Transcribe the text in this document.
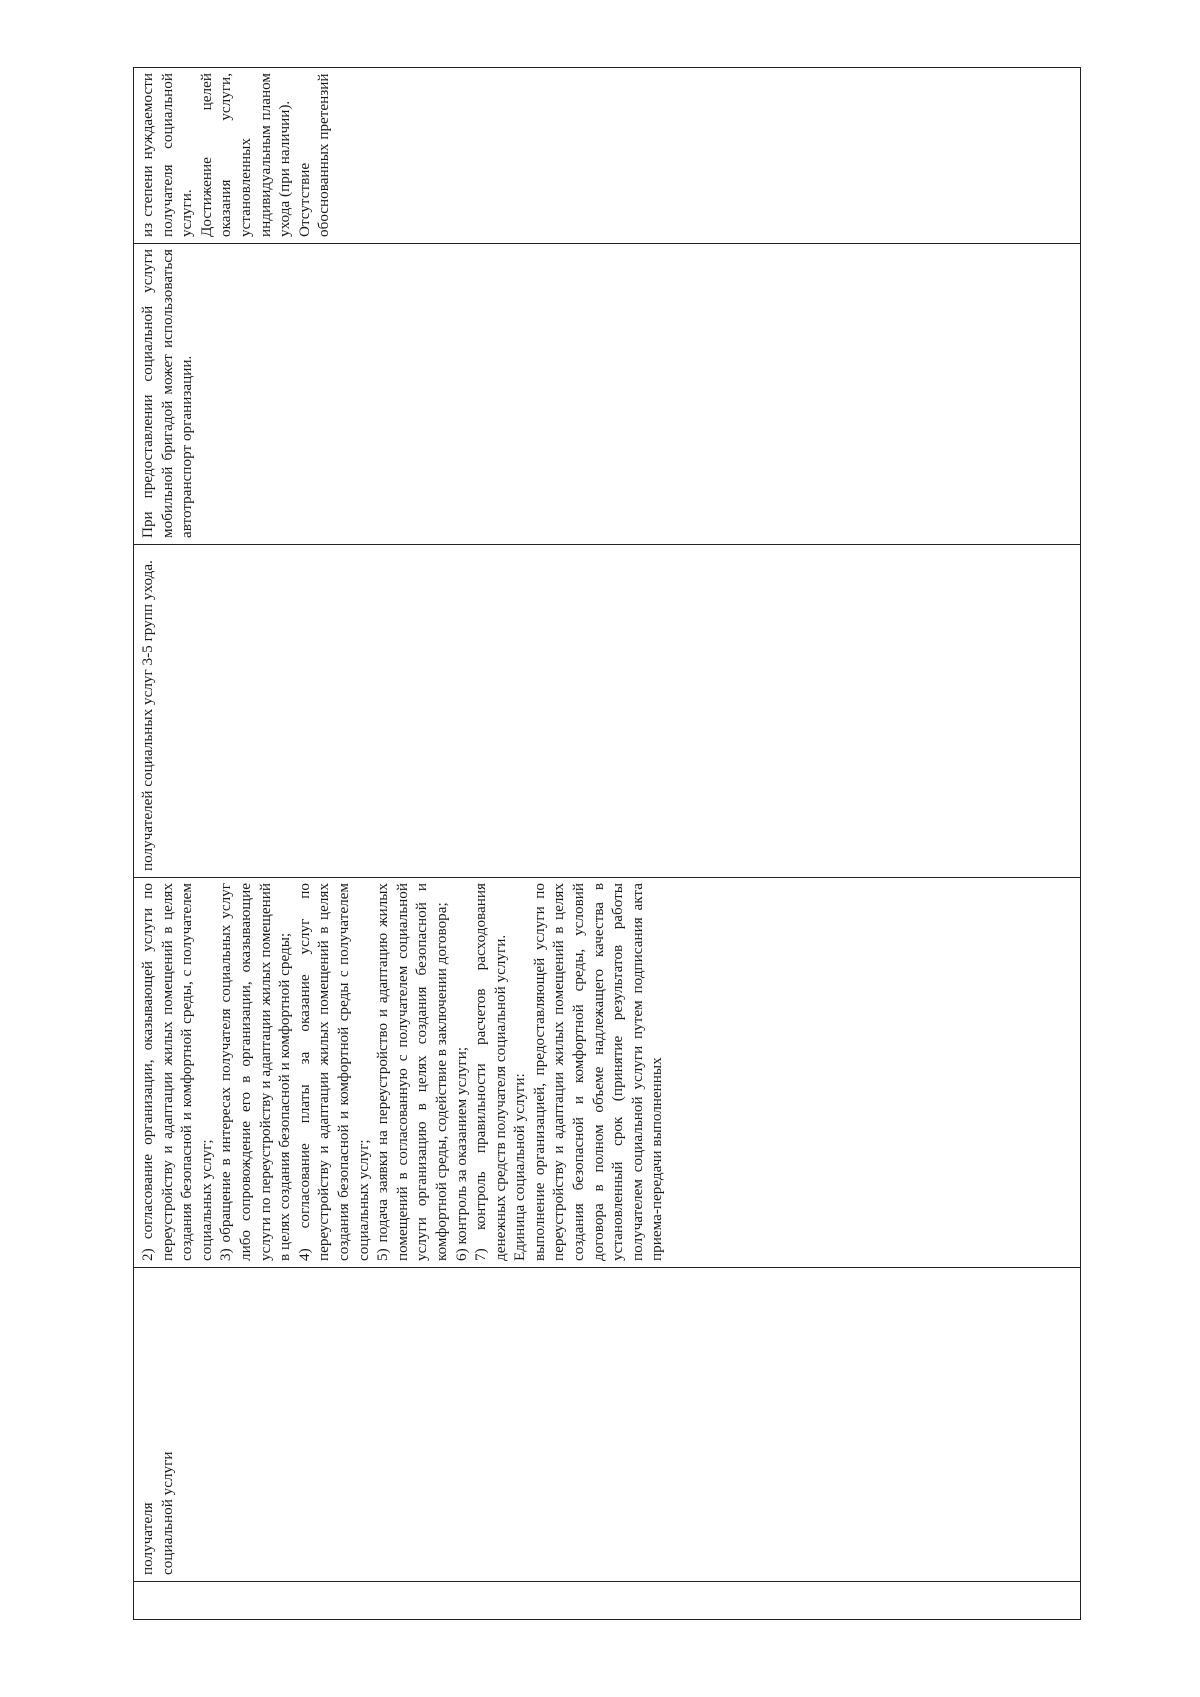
получателя
социальной услуги

2) согласование организации, оказывающей услуги по переустройству и адаптации жилых помещений в целях создания безопасной и комфортной среды, с получателем социальных услуг; 3) обращение в интересах получателя социальных услуг либо сопровождение его в организации, оказывающие услуги по переустройству и адаптации жилых помещений в целях создания безопасной и комфортной среды; 4) согласование платы за оказание услуг по переустройству и адаптации жилых помещений в целях создания безопасной и комфортной среды с получателем социальных услуг; 5) подача заявки на переустройство и адаптацию жилых помещений в согласованную с получателем социальной услуги организацию в целях создания безопасной и комфортной среды, содействие в заключении договора; 6) контроль за оказанием услуги; 7) контроль правильности расчетов расходования денежных средств получателя социальной услуги. Единица социальной услуги: выполнение организацией, предоставляющей услуги по переустройству и адаптации жилых помещений в целях создания безопасной и комфортной среды, условий договора в полном объеме надлежащего качества в установленный срок (принятие результатов работы получателем социальной услуги путем подписания акта приема-передачи выполненных

получателей социальных услуг 3-5 групп ухода.

При предоставлении социальной услуги мобильной бригадой может использоваться автотранспорт организации.

из степени нуждаемости получателя социальной услуги. Достижение целей оказания услуги, установленных индивидуальным планом ухода (при наличии). Отсутствие обоснованных претензий
